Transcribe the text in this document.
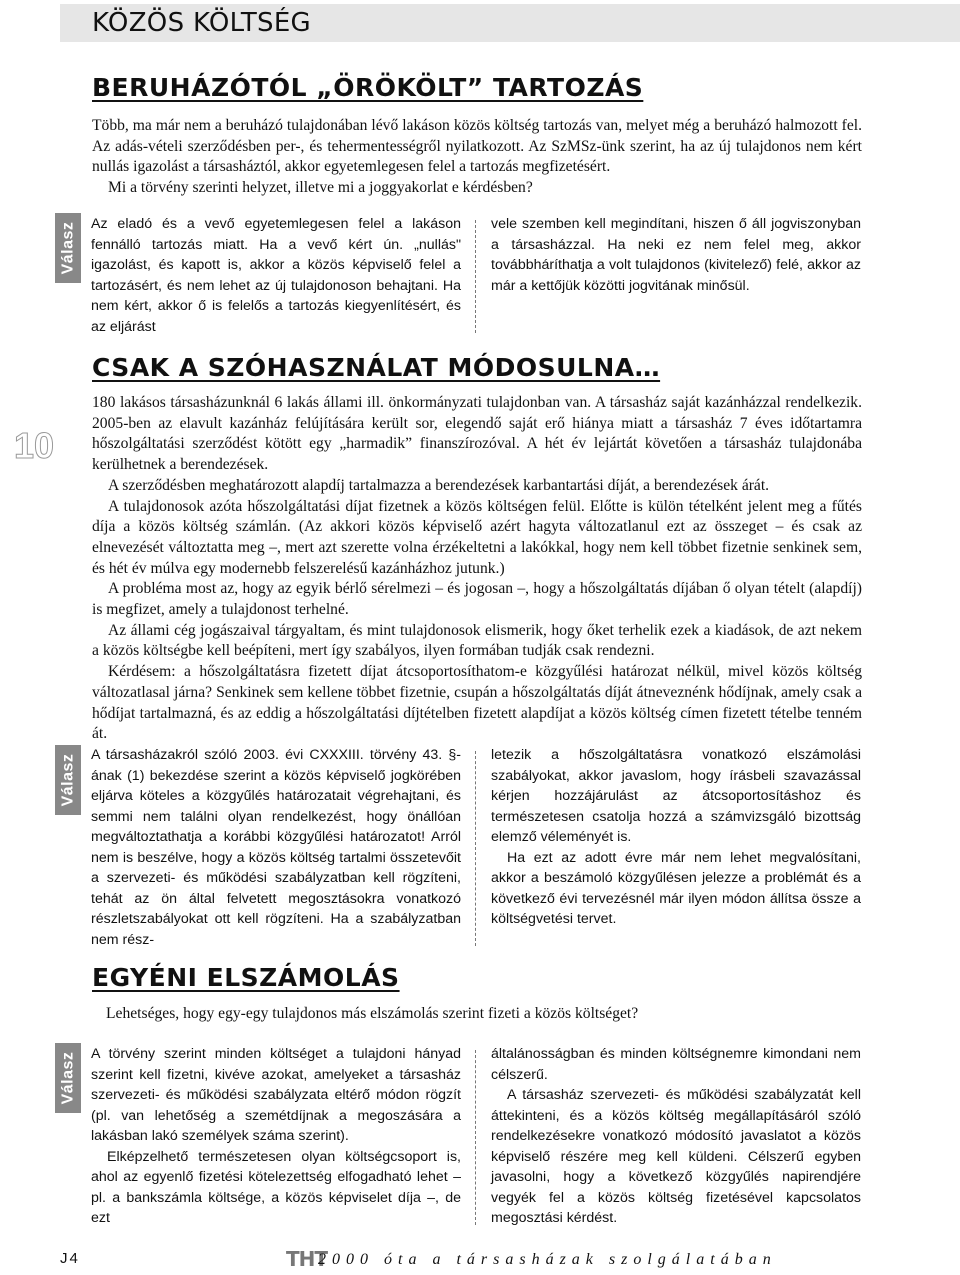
KÖZÖS KÖLTSÉG
10
BERUHÁZÓTÓL „ÖRÖKÖLT” TARTOZÁS

Több, ma már nem a beruházó tulajdonában lévő lakáson közös költség tartozás van, melyet még a beruházó halmozott fel. Az adás-vételi szerződésben per-, és tehermentességről nyilatkozott. Az SzMSz-ünk szerint, ha az új tulajdonos nem kért nullás igazolást a társasháztól, akkor egyetemlegesen felel a tartozás megfizetésért.

Mi a törvény szerinti helyzet, illetve mi a joggyakorlat e kérdésben?

Válasz Az eladó és a vevő egyetemlegesen felel a lakáson fennálló tartozás miatt. Ha a vevő kért ún. „nullás" igazolást, és kapott is, akkor a közös képviselő felel a tartozásért, és nem lehet az új tulajdonoson behajtani. Ha nem kért, akkor ő is felelős a tartozás kiegyenlítésért, és az eljárást

vele szemben kell megindítani, hiszen ő áll jogviszonyban a társasházzal. Ha neki ez nem felel meg, akkor továbbháríthatja a volt tulajdonos (kivitelező) felé, akkor az már a kettőjük közötti jogvitának minősül.

CSAK A SZÓHASZNÁLAT MÓDOSULNA…

180 lakásos társasházunknál 6 lakás állami ill. önkormányzati tulajdonban van. A társasház saját kazánházzal rendelkezik. 2005-ben az elavult kazánház felújítására került sor, elegendő saját erő hiánya miatt a társasház 7 éves időtartamra hőszolgáltatási szerződést kötött egy „harmadik” finanszírozóval. A hét év lejártát követően a társasház tulajdonába kerülhetnek a berendezések.

A szerződésben meghatározott alapdíj tartalmazza a berendezések karbantartási díját, a berendezések árát.

A tulajdonosok azóta hőszolgáltatási díjat fizetnek a közös költségen felül. Előtte is külön tételként jelent meg a fűtés díja a közös költség számlán. (Az akkori közös képviselő azért hagyta változatlanul ezt az összeget – és csak az elnevezését változtatta meg –, mert azt szerette volna érzékeltetni a lakókkal, hogy nem kell többet fizetnie senkinek sem, és hét év múlva egy modernebb felszerelésű kazánházhoz jutunk.)

A probléma most az, hogy az egyik bérlő sérelmezi – és jogosan –, hogy a hőszolgáltatás díjában ő olyan tételt (alapdíj) is megfizet, amely a tulajdonost terhelné.

Az állami cég jogászaival tárgyaltam, és mint tulajdonosok elismerik, hogy őket terhelik ezek a kiadások, de azt nekem a közös költségbe kell beépíteni, mert így szabályos, ilyen formában tudják csak rendezni.

Kérdésem: a hőszolgáltatásra fizetett díjat átcsoportosíthatom-e közgyűlési határozat nélkül, mivel közös költség változatlasal járna? Senkinek sem kellene többet fizetnie, csupán a hőszolgáltatás díját átneveznénk hődíjnak, amely csak a hődíjat tartalmazná, és az eddig a hőszolgáltatási díjtételben fizetett alapdíjat a közös költség címen fizetett tételbe tenném át.

Válasz A társasházakról szóló 2003. évi CXXXIII. törvény 43. §-ának (1) bekezdése szerint a közös képviselő jogkörében eljárva köteles a közgyűlés határozatait végrehajtani, és semmi nem találni olyan rendelkezést, hogy önállóan megváltoztathatja a korábbi közgyűlési határozatot! Arról nem is beszélve, hogy a közös költség tartalmi összetevőit a szervezeti- és működési szabályzatban kell rögzíteni, tehát az ön által felvetett megosztásokra vonatkozó részletszabályokat ott kell rögzíteni. Ha a szabályzatban nem rész-

letezik a hőszolgáltatásra vonatkozó elszámolási szabályokat, akkor javaslom, hogy írásbeli szavazással kérjen hozzájárulást az átcsoportosításhoz és természetesen csatolja hozzá a számvizsgáló bizottság elemző véleményét is.

Ha ezt az adott évre már nem lehet megvalósítani, akkor a beszámoló közgyűlésen jelezze a problémát és a következő évi tervezésnél már ilyen módon állítsa össze a költségvetési tervet.

EGYÉNI ELSZÁMOLÁS

Lehetséges, hogy egy-egy tulajdonos más elszámolás szerint fizeti a közös költséget?

Válasz A törvény szerint minden költséget a tulajdoni hányad szerint kell fizetni, kivéve azokat, amelyeket a társasház szervezeti- és működési szabályzata eltérő módon rögzít (pl. van lehetőség a szemétdíjnak a megoszására a lakásban lakó személyek száma szerint).

Elképzelhető természetesen olyan költségcsoport is, ahol az egyenlő fizetési kötelezettség elfogadható lehet – pl. a bankszámla költsége, a közös képviselet díja –, de ezt

általánosságban és minden költségnemre kimondani nem célszerű.

A társasház szervezeti- és működési szabályzatát kell áttekinteni, és a közös költség megállapításáról szóló rendelkezésekre vonatkozó módosító javaslatot a közös képviselő részére meg kell küldeni. Célszerű egyben javasolni, hogy a következő közgyűlés napirendjére vegyék fel a közös költség fizetésével kapcsolatos megosztási kérdést.

J4	THT
2000 óta a társasházak szolgálatában
